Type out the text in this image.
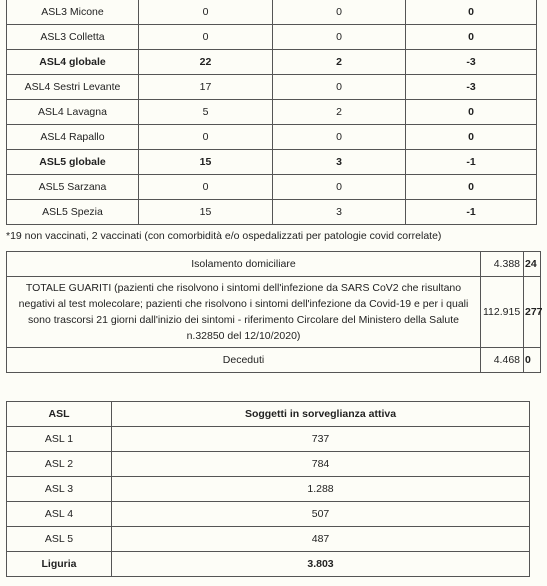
ASL3 Micone	0	0	0
ASL3 Colletta	0	0	0
ASL4 globale	22	2	-3
ASL4 Sestri Levante	17	0	-3
ASL4 Lavagna	5	2	0
ASL4 Rapallo	0	0	0
ASL5 globale	15	3	-1
ASL5 Sarzana	0	0	0
ASL5 Spezia	15	3	-1
*19 non vaccinati, 2 vaccinati (con comorbidità e/o ospedalizzati per patologie covid correlate)
Isolamento domiciliare	4.388	24
TOTALE GUARITI (pazienti che risolvono i sintomi dell'infezione da SARS CoV2 che risultano negativi al test molecolare; pazienti che risolvono i sintomi dell'infezione da Covid-19 e per i quali sono trascorsi 21 giorni dall'inizio dei sintomi - riferimento Circolare del Ministero della Salute n.32850 del 12/10/2020)	112.915	277
Deceduti	4.468	0
ASL	Soggetti in sorveglianza attiva
ASL 1	737
ASL 2	784
ASL 3	1.288
ASL 4	507
ASL 5	487
Liguria	3.803
